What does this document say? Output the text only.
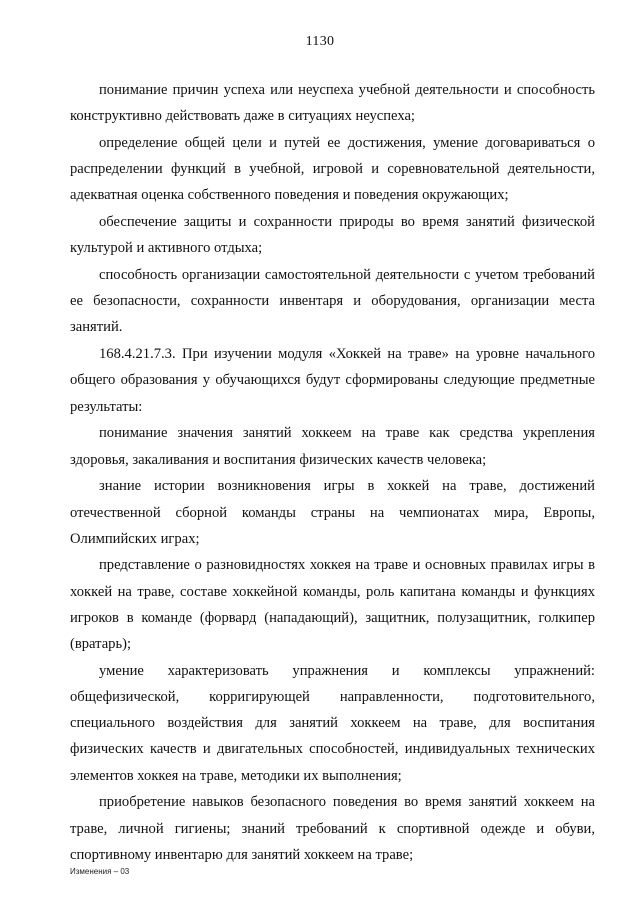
1130

понимание причин успеха или неуспеха учебной деятельности и способность конструктивно действовать даже в ситуациях неуспеха;

определение общей цели и путей ее достижения, умение договариваться о распределении функций в учебной, игровой и соревновательной деятельности, адекватная оценка собственного поведения и поведения окружающих;

обеспечение защиты и сохранности природы во время занятий физической культурой и активного отдыха;

способность организации самостоятельной деятельности с учетом требований ее безопасности, сохранности инвентаря и оборудования, организации места занятий.

168.4.21.7.3. При изучении модуля «Хоккей на траве» на уровне начального общего образования у обучающихся будут сформированы следующие предметные результаты:

понимание значения занятий хоккеем на траве как средства укрепления здоровья, закаливания и воспитания физических качеств человека;

знание истории возникновения игры в хоккей на траве, достижений отечественной сборной команды страны на чемпионатах мира, Европы, Олимпийских играх;

представление о разновидностях хоккея на траве и основных правилах игры в хоккей на траве, составе хоккейной команды, роль капитана команды и функциях игроков в команде (форвард (нападающий), защитник, полузащитник, голкипер (вратарь);

умение характеризовать упражнения и комплексы упражнений: общефизической, корригирующей направленности, подготовительного, специального воздействия для занятий хоккеем на траве, для воспитания физических качеств и двигательных способностей, индивидуальных технических элементов хоккея на траве, методики их выполнения;

приобретение навыков безопасного поведения во время занятий хоккеем на траве, личной гигиены; знаний требований к спортивной одежде и обуви, спортивному инвентарю для занятий хоккеем на траве;

Изменения – 03
